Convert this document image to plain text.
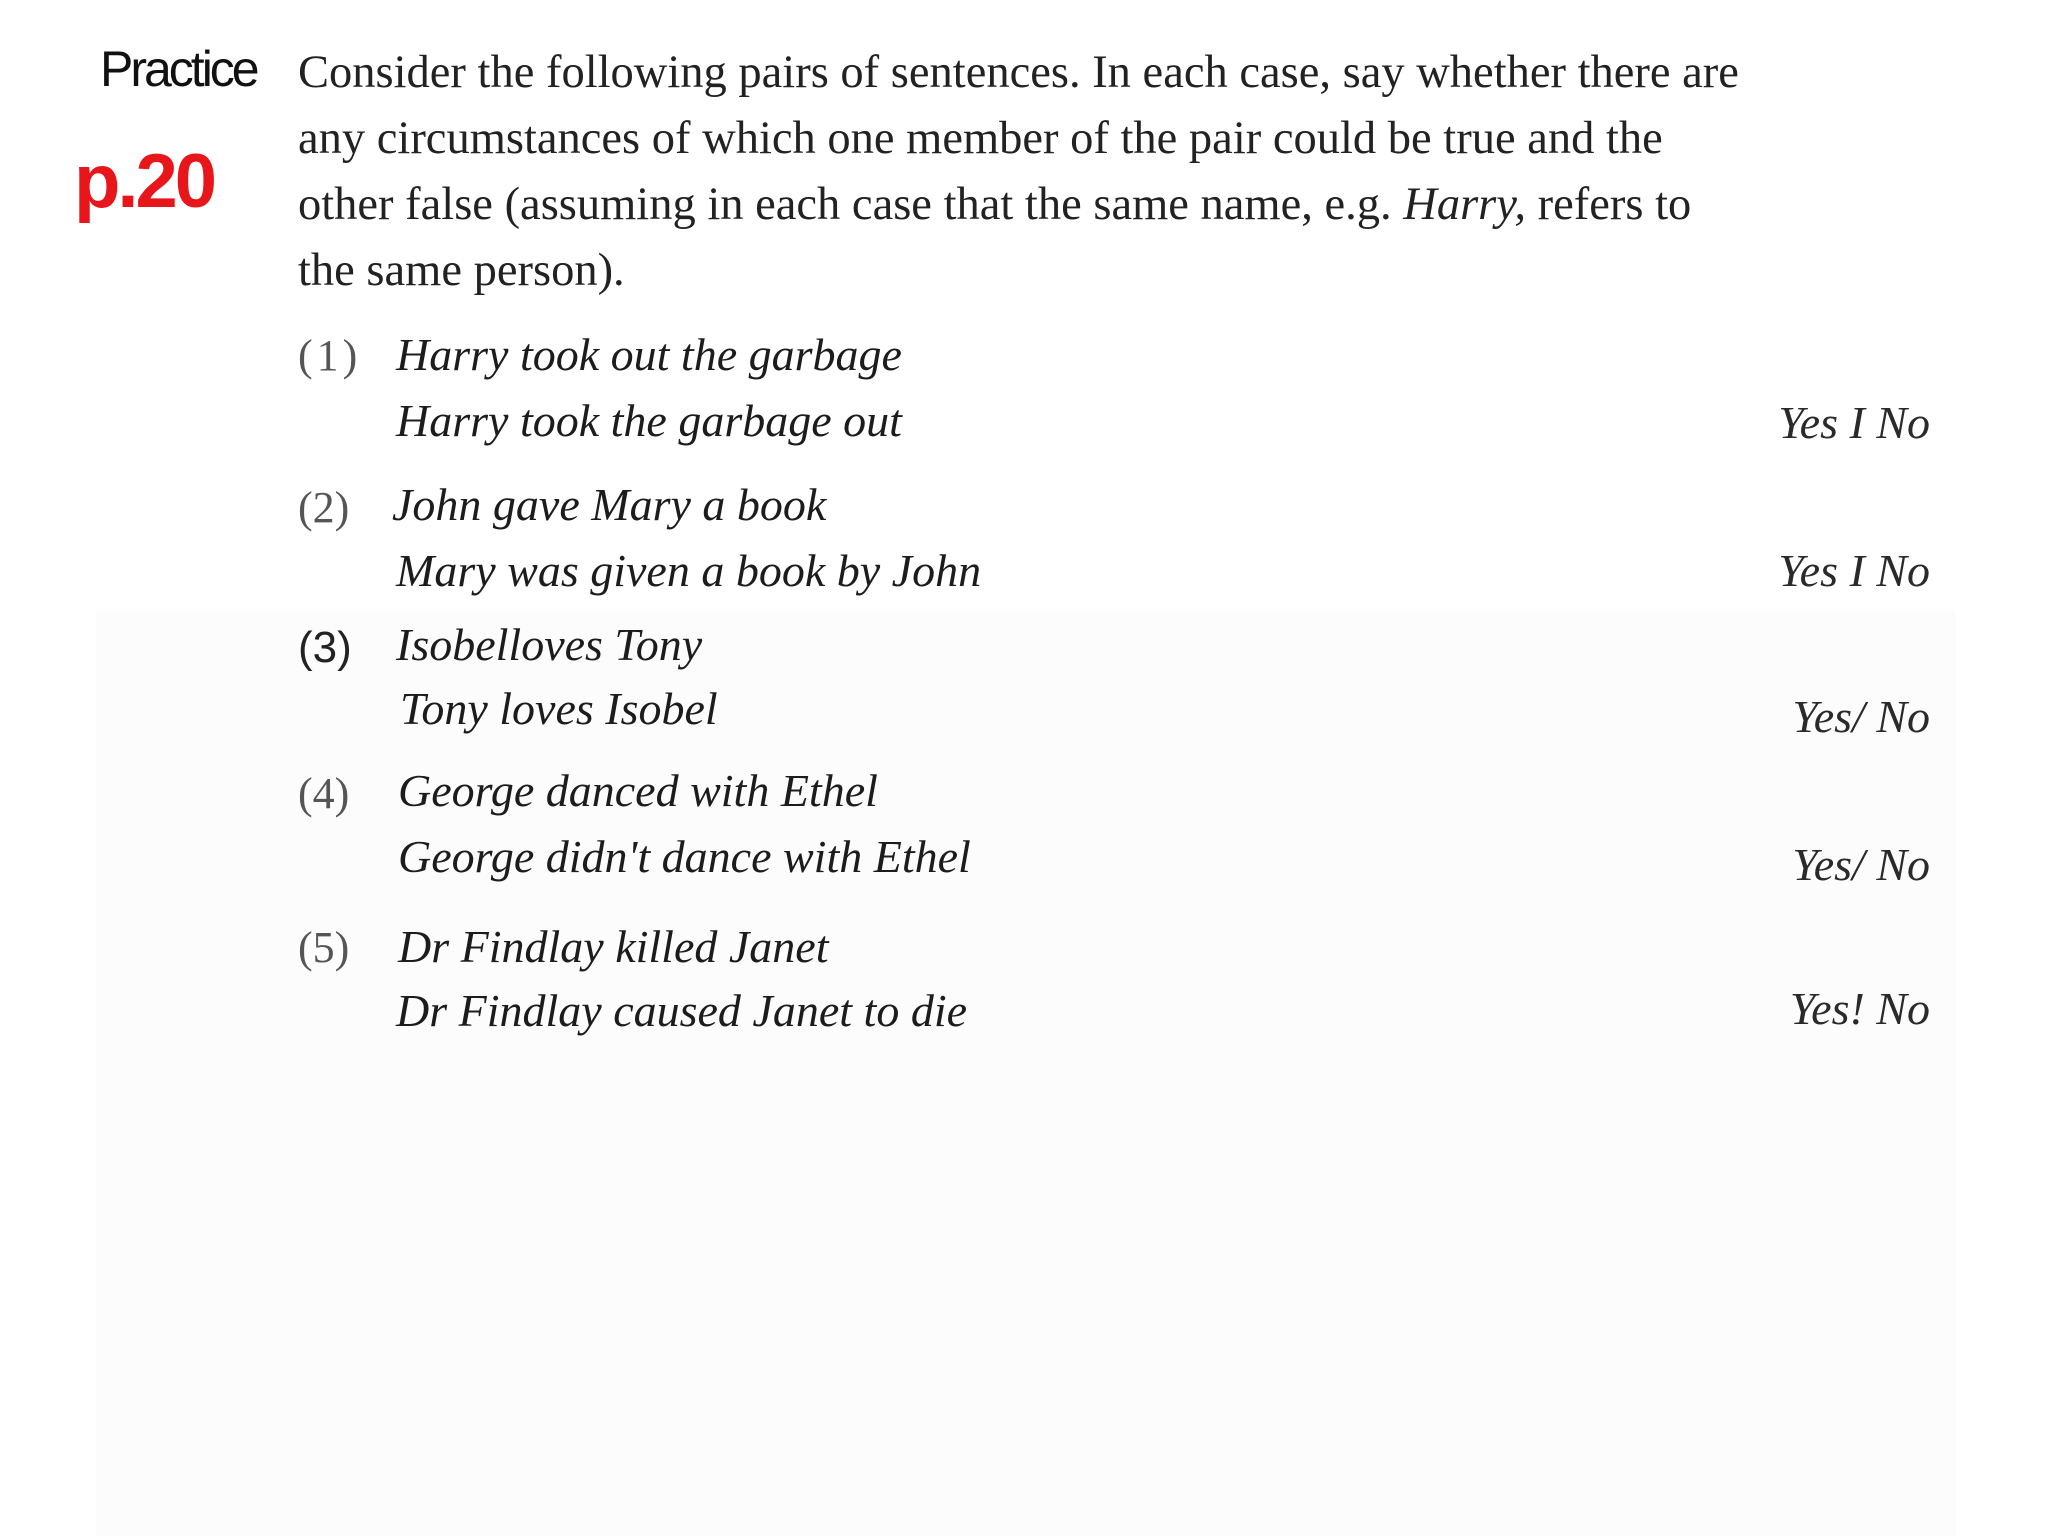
Practice
p.20

Consider the following pairs of sentences. In each case, say whether there are
any circumstances of which one member of the pair could be true and the
other false (assuming in each case that the same name, e.g. Harry, refers to
the same person).

(1) Harry took out the garbage
Harry took the garbage out	Yes I No
(2) John gave Mary a book
Mary was given a book by John	Yes I No
(3) Isobelloves Tony
Tony loves Isobel	Yes/ No
(4) George danced with Ethel
George didn't dance with Ethel	Yes/ No
(5) Dr Findlay killed Janet
Dr Findlay caused Janet to die	Yes! No
